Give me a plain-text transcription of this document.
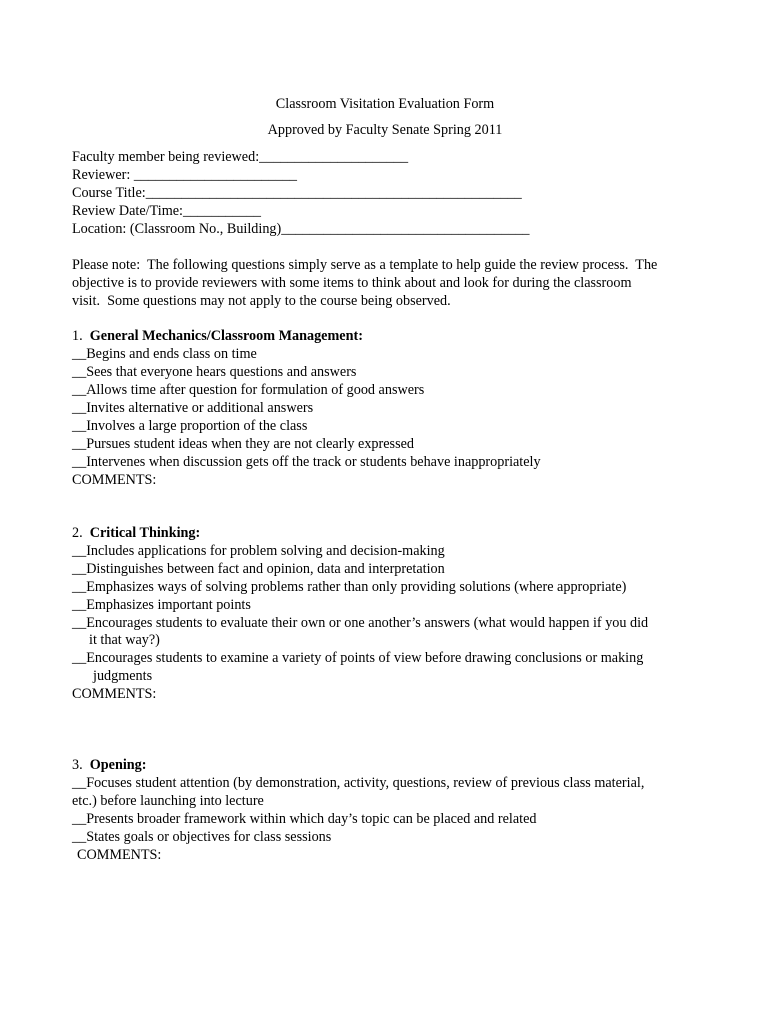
Classroom Visitation Evaluation Form
Approved by Faculty Senate Spring 2011
Faculty member being reviewed:_____________________
Reviewer: _______________________
Course Title:_____________________________________________________
Review Date/Time:___________
Location: (Classroom No., Building)___________________________________
Please note:  The following questions simply serve as a template to help guide the review process.  The
objective is to provide reviewers with some items to think about and look for during the classroom
visit.  Some questions may not apply to the course being observed.
1. General Mechanics/Classroom Management:
__Begins and ends class on time
__Sees that everyone hears questions and answers
__Allows time after question for formulation of good answers
__Invites alternative or additional answers
__Involves a large proportion of the class
__Pursues student ideas when they are not clearly expressed
__Intervenes when discussion gets off the track or students behave inappropriately
COMMENTS:
2. Critical Thinking:
__Includes applications for problem solving and decision-making
__Distinguishes between fact and opinion, data and interpretation
__Emphasizes ways of solving problems rather than only providing solutions (where appropriate)
__Emphasizes important points
__Encourages students to evaluate their own or one another’s answers (what would happen if you did
it that way?)
__Encourages students to examine a variety of points of view before drawing conclusions or making
judgments
COMMENTS:
3. Opening:
__Focuses student attention (by demonstration, activity, questions, review of previous class material,
etc.) before launching into lecture
__Presents broader framework within which day’s topic can be placed and related
__States goals or objectives for class sessions
COMMENTS:
